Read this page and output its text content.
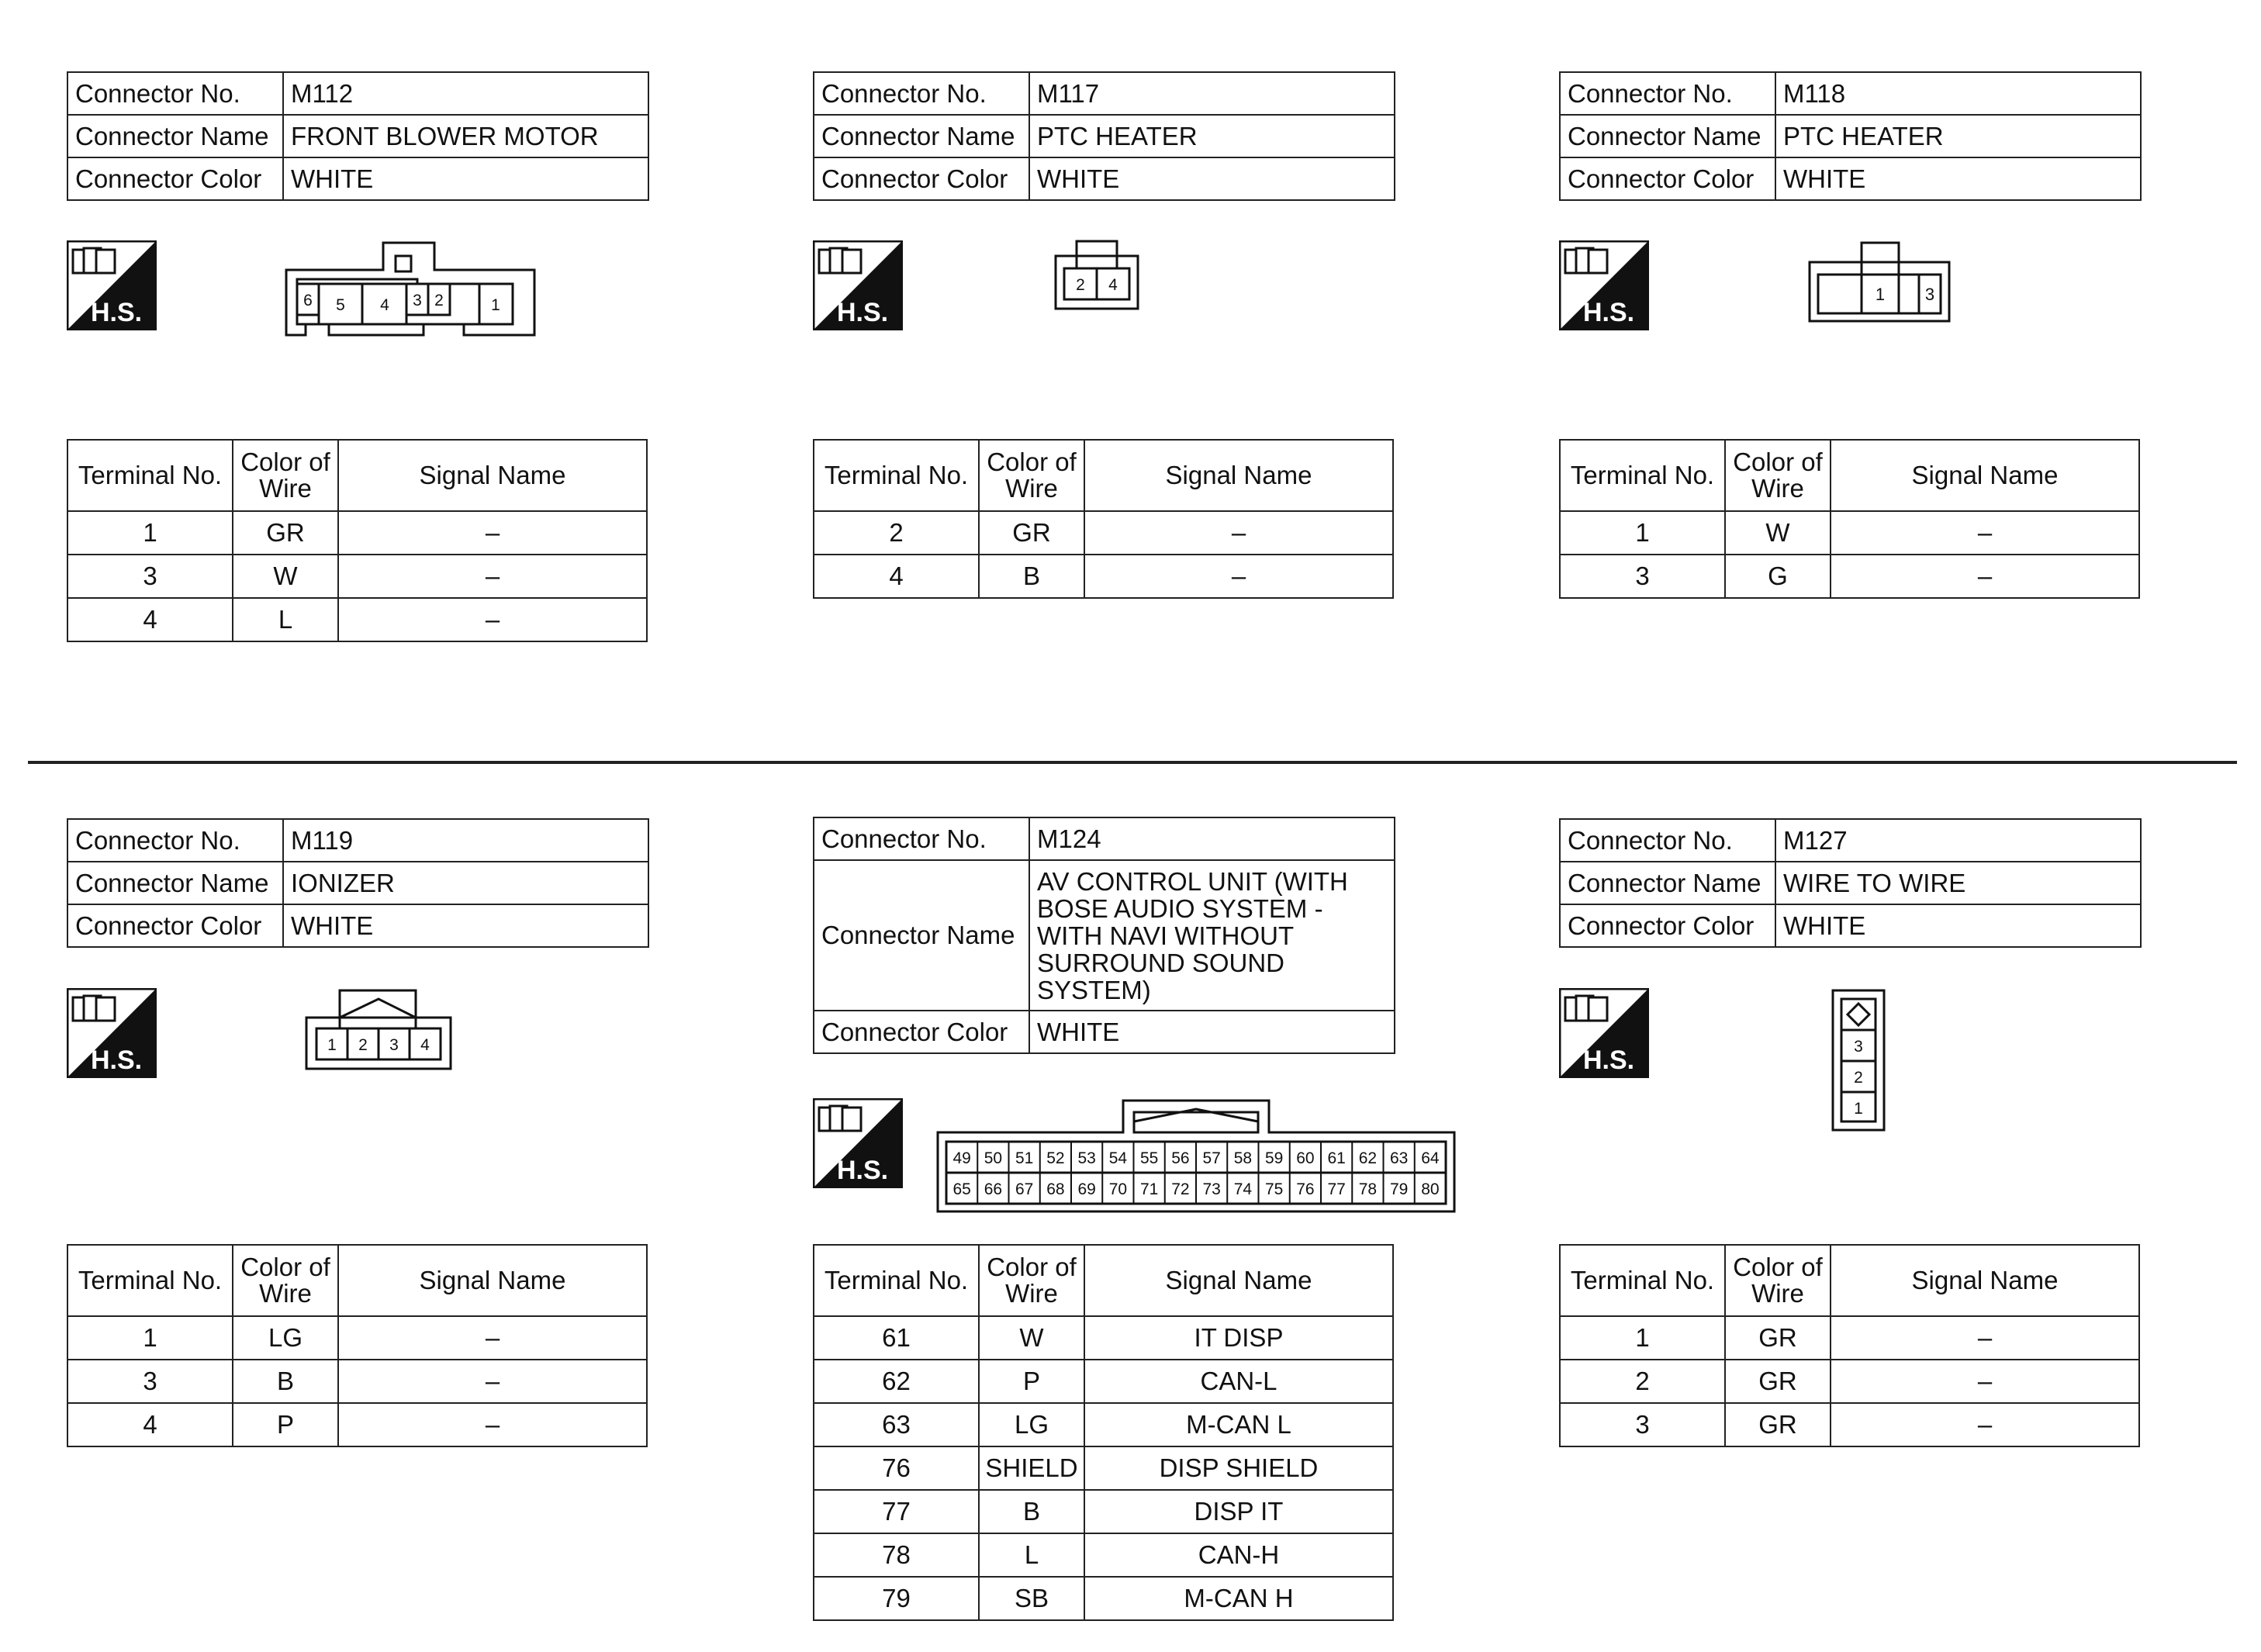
Connector No.	M112
Connector Name	FRONT BLOWER MOTOR
Connector Color	WHITE
H.S.	6 5 4 3 2	1
Terminal No.	Color of Wire	Signal Name
1	GR	–
3	W	–
4	L	–
Connector No.	M117
Connector Name	PTC HEATER
Connector Color	WHITE
H.S.
2 4
Terminal No.	Color of Wire	Signal Name
2	GR	–
4	B	–
Connector No.	M118
Connector Name	PTC HEATER
Connector Color	WHITE
H.S.
1 3
Terminal No.	Color of Wire	Signal Name
1	W	–
3	G	–
Connector No.	M119
Connector Name	IONIZER
Connector Color	WHITE
H.S.
1 2 3 4
Terminal No.	Color of Wire	Signal Name
1	LG	–
3	B	–
4	P	–
Connector No.	M124
Connector Name	AV CONTROL UNIT (WITH BOSE AUDIO SYSTEM - WITH NAVI WITHOUT SURROUND SOUND SYSTEM)
Connector Color	WHITE
H.S.	49 50 51 52 53 54 55 56 57 58 59 60 61 62 63 64
65 66 67 68 69 70 71 72 73 74 75 76 77 78 79 80
Terminal No.	Color of Wire	Signal Name
61	W	IT DISP
62	P	CAN-L
63	LG	M-CAN L
76	SHIELD	DISP SHIELD
77	B	DISP IT
78	L	CAN-H
79	SB	M-CAN H
Connector No.	M127
Connector Name	WIRE TO WIRE
Connector Color	WHITE
H.S.	3
2
1
Terminal No.	Color of Wire	Signal Name
1	GR	–
2	GR	–
3	GR	–
